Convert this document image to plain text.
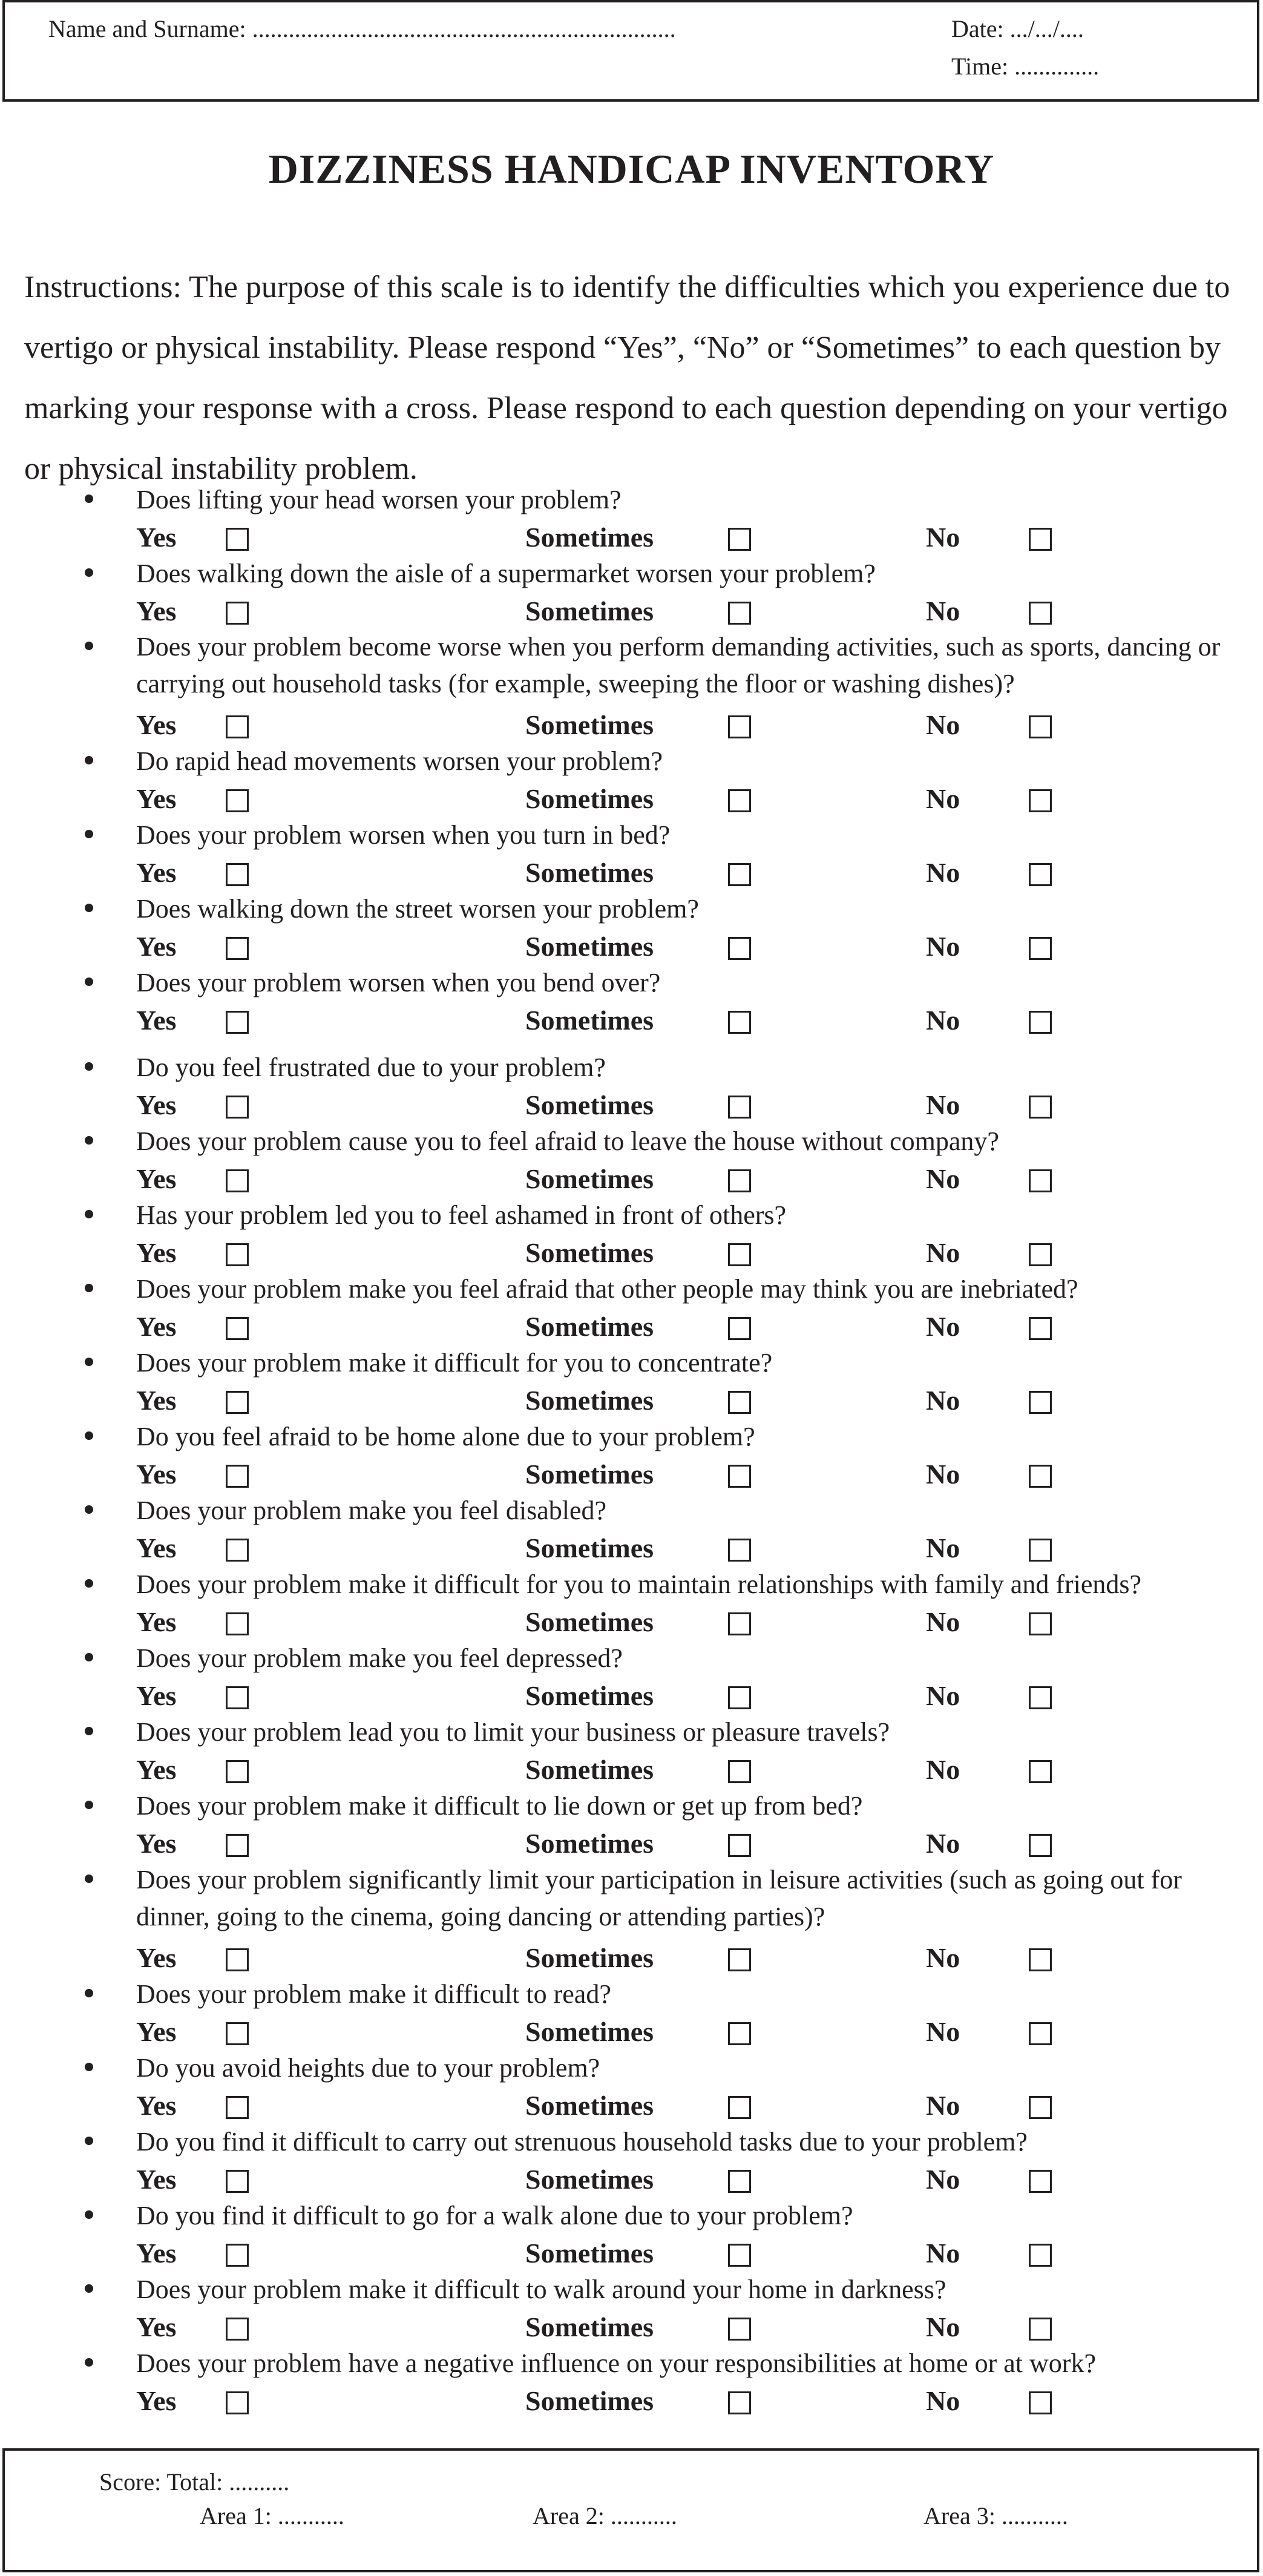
Name and Surname: ......................................................................	Date: .../.../....
Time: ..............
DIZZINESS HANDICAP INVENTORY
Instructions: The purpose of this scale is to identify the difficulties which you experience due to vertigo or physical instability. Please respond “Yes”, “No” or “Sometimes” to each question by marking your response with a cross. Please respond to each question depending on your vertigo or physical instability problem.
Does lifting your head worsen your problem?
Yes	Sometimes	No
Does walking down the aisle of a supermarket worsen your problem?
Yes	Sometimes	No
Does your problem become worse when you perform demanding activities, such as sports, dancing or carrying out household tasks (for example, sweeping the floor or washing dishes)?
Yes	Sometimes	No
Do rapid head movements worsen your problem?
Yes	Sometimes	No
Does your problem worsen when you turn in bed?
Yes	Sometimes	No
Does walking down the street worsen your problem?
Yes	Sometimes	No
Does your problem worsen when you bend over?
Yes	Sometimes	No
Do you feel frustrated due to your problem?
Yes	Sometimes	No
Does your problem cause you to feel afraid to leave the house without company?
Yes	Sometimes	No
Has your problem led you to feel ashamed in front of others?
Yes	Sometimes	No
Does your problem make you feel afraid that other people may think you are inebriated?
Yes	Sometimes	No
Does your problem make it difficult for you to concentrate?
Yes	Sometimes	No
Do you feel afraid to be home alone due to your problem?
Yes	Sometimes	No
Does your problem make you feel disabled?
Yes	Sometimes	No
Does your problem make it difficult for you to maintain relationships with family and friends?
Yes	Sometimes	No
Does your problem make you feel depressed?
Yes	Sometimes	No
Does your problem lead you to limit your business or pleasure travels?
Yes	Sometimes	No
Does your problem make it difficult to lie down or get up from bed?
Yes	Sometimes	No
Does your problem significantly limit your participation in leisure activities (such as going out for dinner, going to the cinema, going dancing or attending parties)?
Yes	Sometimes	No
Does your problem make it difficult to read?
Yes	Sometimes	No
Do you avoid heights due to your problem?
Yes	Sometimes	No
Do you find it difficult to carry out strenuous household tasks due to your problem?
Yes	Sometimes	No
Do you find it difficult to go for a walk alone due to your problem?
Yes	Sometimes	No
Does your problem make it difficult to walk around your home in darkness?
Yes	Sometimes	No
Does your problem have a negative influence on your responsibilities at home or at work?
Yes	Sometimes	No
Score: Total: ..........
Area 1: ...........	Area 2: ...........	Area 3: ...........
